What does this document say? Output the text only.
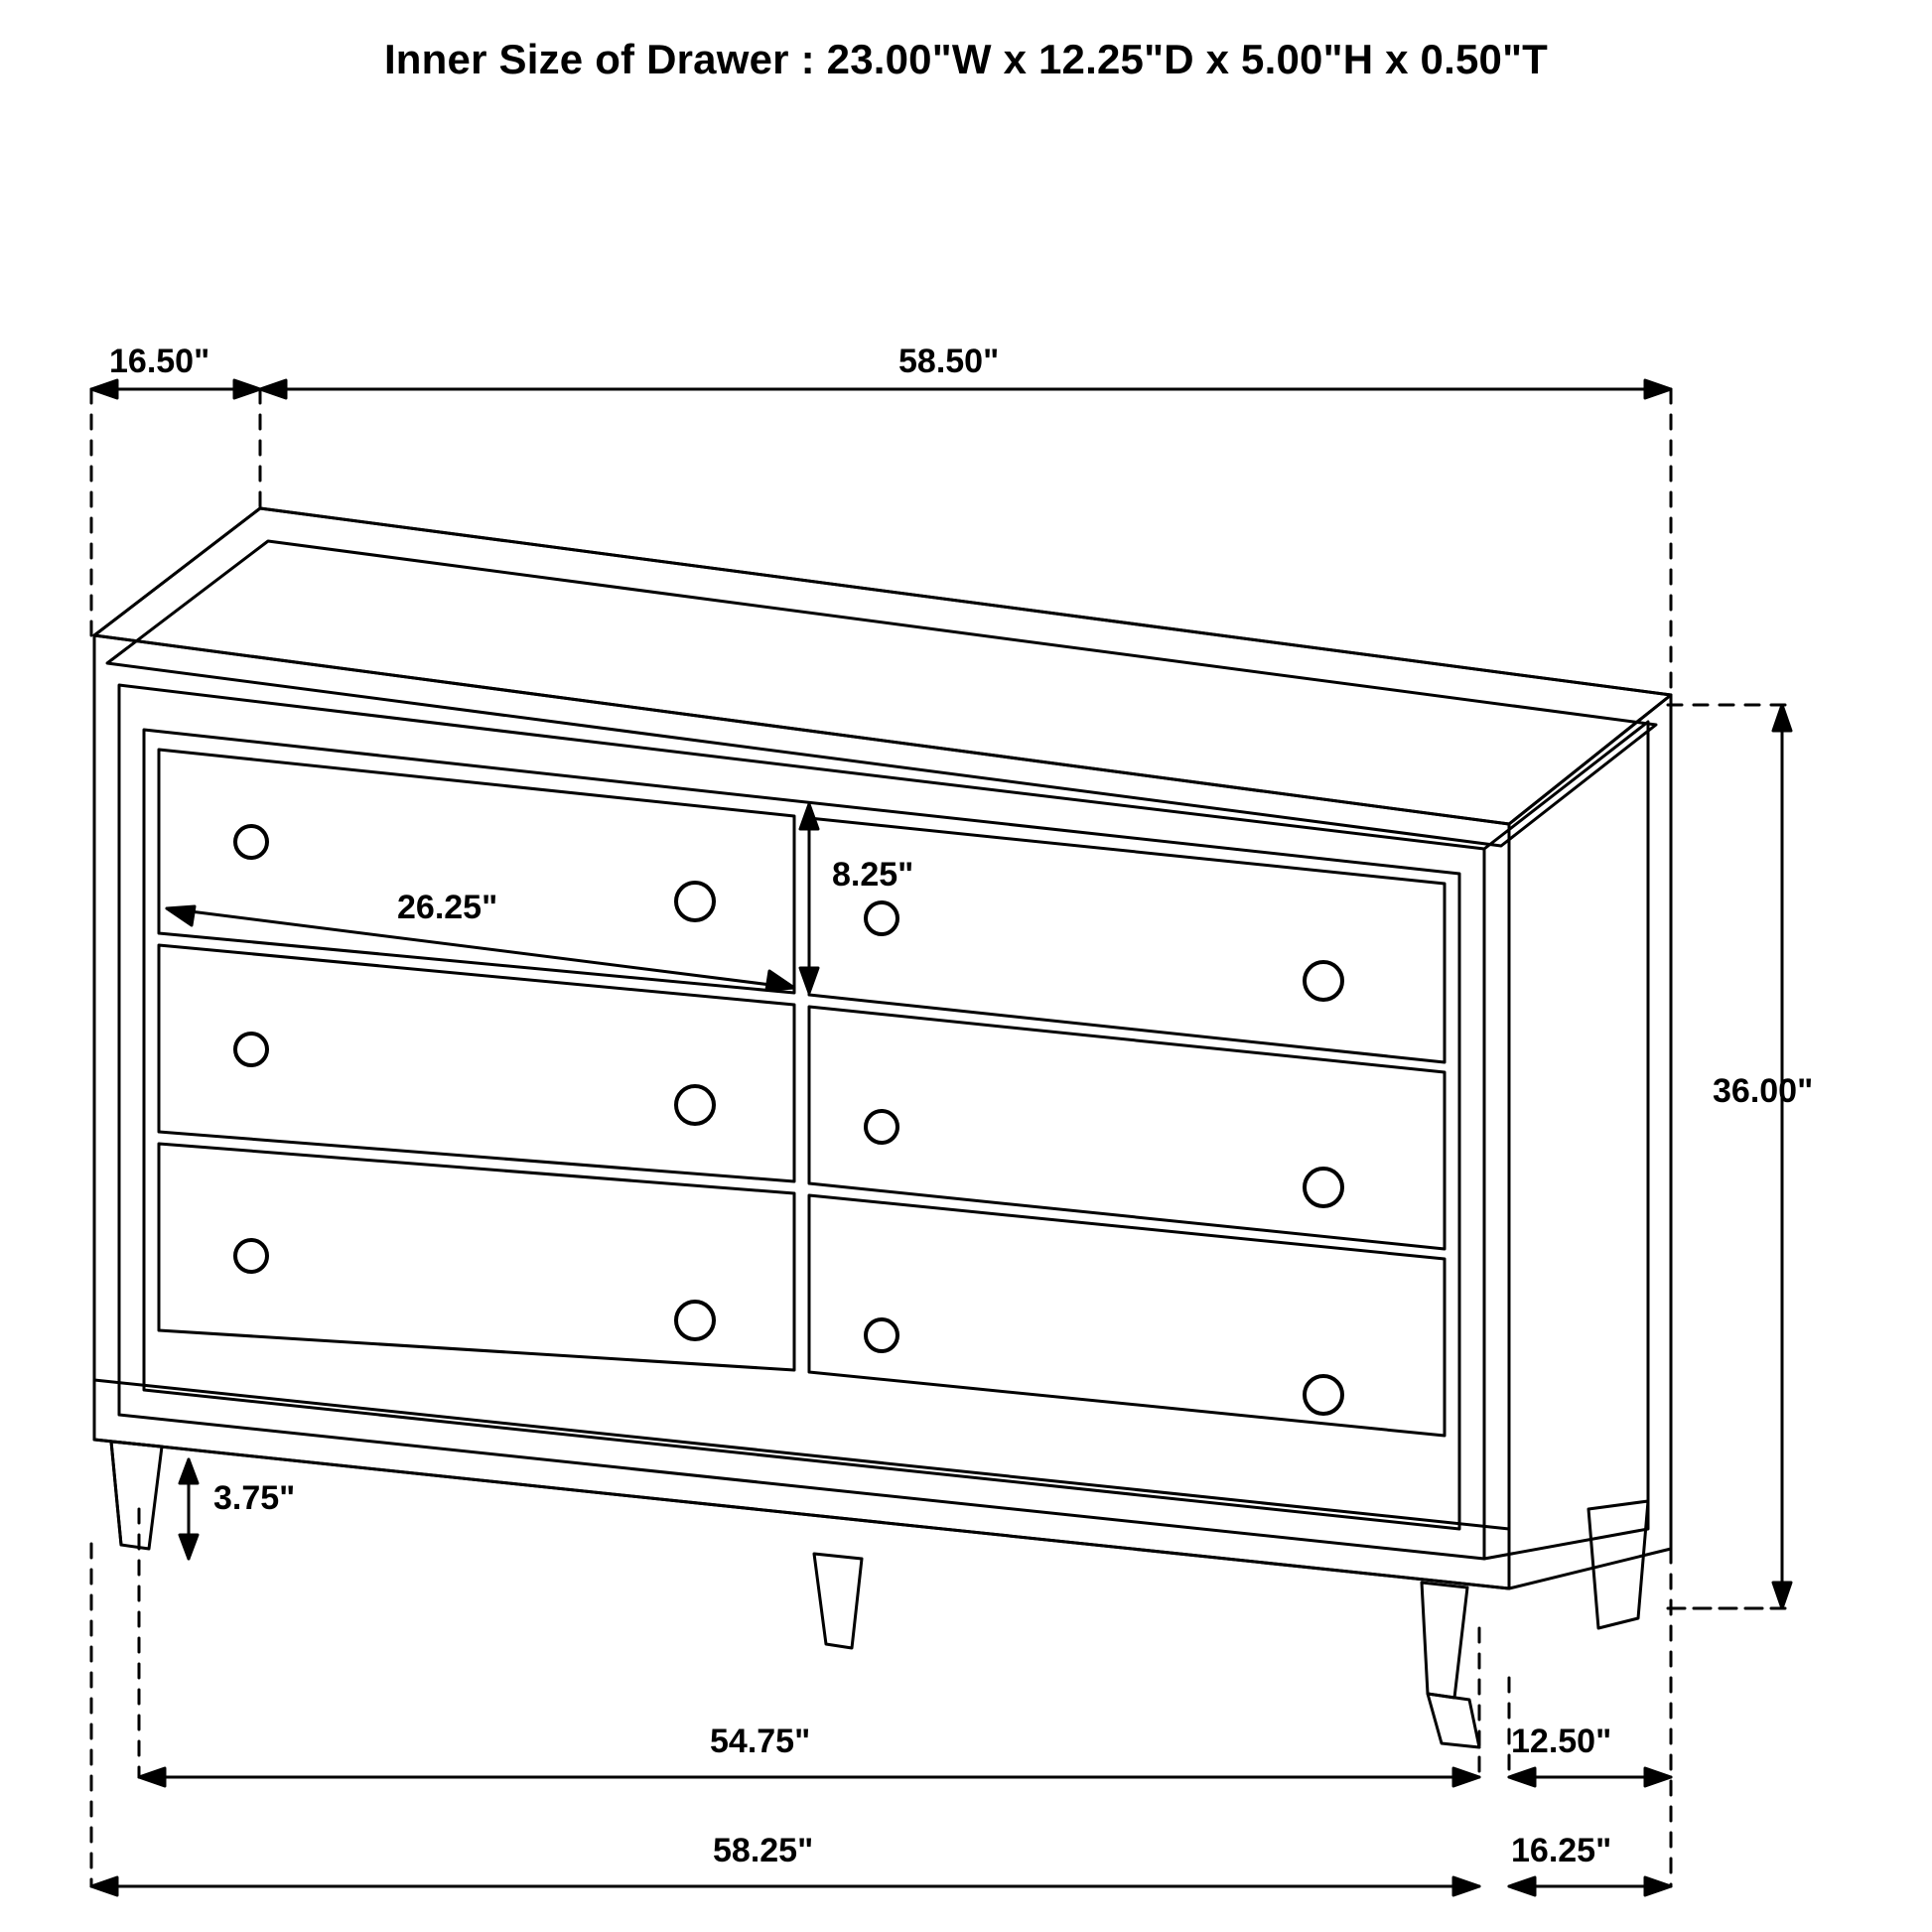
Inner Size of Drawer : 23.00"W x 12.25"D x 5.00"H x 0.50"T
16.50"	58.50"
26.25"
8.25"
36.00"
3.75"
54.75"	12.50"
58.25"	16.25"
